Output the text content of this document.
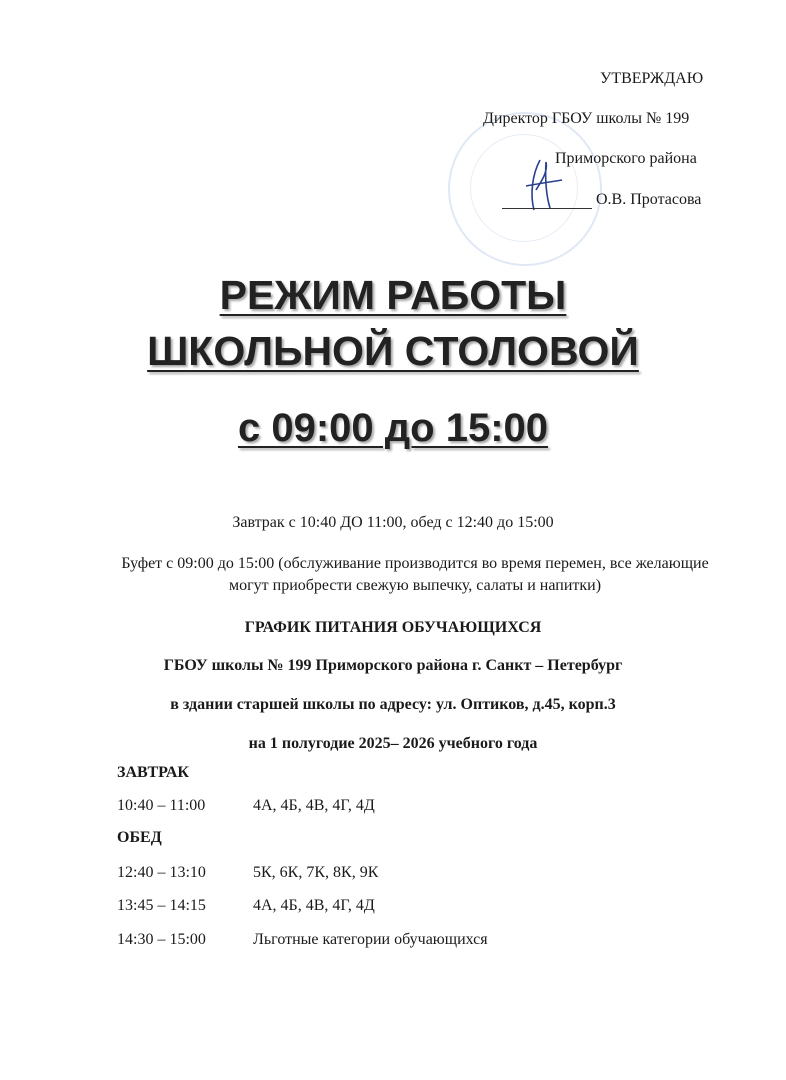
УТВЕРЖДАЮ
Директор ГБОУ школы № 199
Приморского района
О.В. Протасова
РЕЖИМ РАБОТЫ
ШКОЛЬНОЙ СТОЛОВОЙ
с 09:00 до 15:00
Завтрак с 10:40 ДО 11:00, обед с 12:40 до 15:00
Буфет с 09:00 до 15:00 (обслуживание производится во время перемен, все желающие могут приобрести свежую выпечку, салаты и напитки)
ГРАФИК ПИТАНИЯ ОБУЧАЮЩИХСЯ
ГБОУ школы № 199 Приморского района г. Санкт – Петербург
в здании старшей школы по адресу: ул. Оптиков, д.45, корп.3
на 1 полугодие 2025– 2026 учебного года
ЗАВТРАК
10:40 – 11:00	4А, 4Б, 4В, 4Г, 4Д
ОБЕД
12:40 – 13:10	5К, 6К, 7К, 8К, 9К
13:45 – 14:15	4А, 4Б, 4В, 4Г, 4Д
14:30 – 15:00	Льготные категории обучающихся
